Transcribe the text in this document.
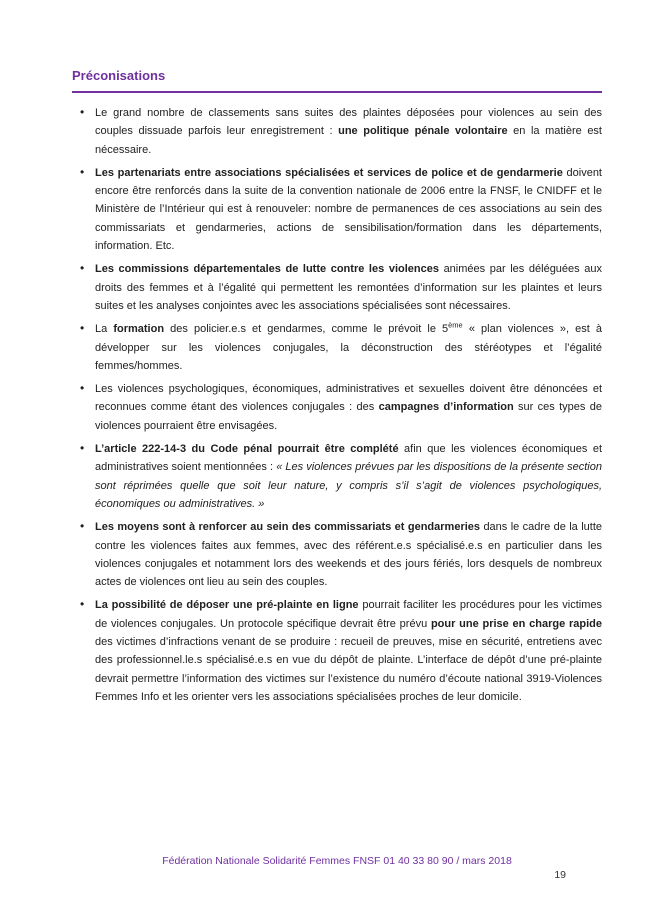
Préconisations
• Le grand nombre de classements sans suites des plaintes déposées pour violences au sein des couples dissuade parfois leur enregistrement : une politique pénale volontaire en la matière est nécessaire.
• Les partenariats entre associations spécialisées et services de police et de gendarmerie doivent encore être renforcés dans la suite de la convention nationale de 2006 entre la FNSF, le CNIDFF et le Ministère de l’Intérieur qui est à renouveler: nombre de permanences de ces associations au sein des commissariats et gendarmeries, actions de sensibilisation/formation dans les départements, information. Etc.
• Les commissions départementales de lutte contre les violences animées par les déléguées aux droits des femmes et à l’égalité qui permettent les remontées d’information sur les plaintes et leurs suites et les analyses conjointes avec les associations spécialisées sont nécessaires.
• La formation des policier.e.s et gendarmes, comme le prévoit le 5ème « plan violences », est à développer sur les violences conjugales, la déconstruction des stéréotypes et l’égalité femmes/hommes.
• Les violences psychologiques, économiques, administratives et sexuelles doivent être dénoncées et reconnues comme étant des violences conjugales : des campagnes d’information sur ces types de violences pourraient être envisagées.
• L’article 222-14-3 du Code pénal pourrait être complété afin que les violences économiques et administratives soient mentionnées : « Les violences prévues par les dispositions de la présente section sont réprimées quelle que soit leur nature, y compris s’il s’agit de violences psychologiques, économiques ou administratives. »
• Les moyens sont à renforcer au sein des commissariats et gendarmeries dans le cadre de la lutte contre les violences faites aux femmes, avec des référent.e.s spécialisé.e.s en particulier dans les violences conjugales et notamment lors des weekends et des jours fériés, lors desquels de nombreux actes de violences ont lieu au sein des couples.
• La possibilité de déposer une pré-plainte en ligne pourrait faciliter les procédures pour les victimes de violences conjugales. Un protocole spécifique devrait être prévu pour une prise en charge rapide des victimes d’infractions venant de se produire : recueil de preuves, mise en sécurité, entretiens avec des professionnel.le.s spécialisé.e.s en vue du dépôt de plainte. L’interface de dépôt d’une pré-plainte devrait permettre l’information des victimes sur l’existence du numéro d’écoute national 3919-Violences Femmes Info et les orienter vers les associations spécialisées proches de leur domicile.
Fédération Nationale Solidarité Femmes FNSF 01 40 33 80 90 / mars 2018
19
